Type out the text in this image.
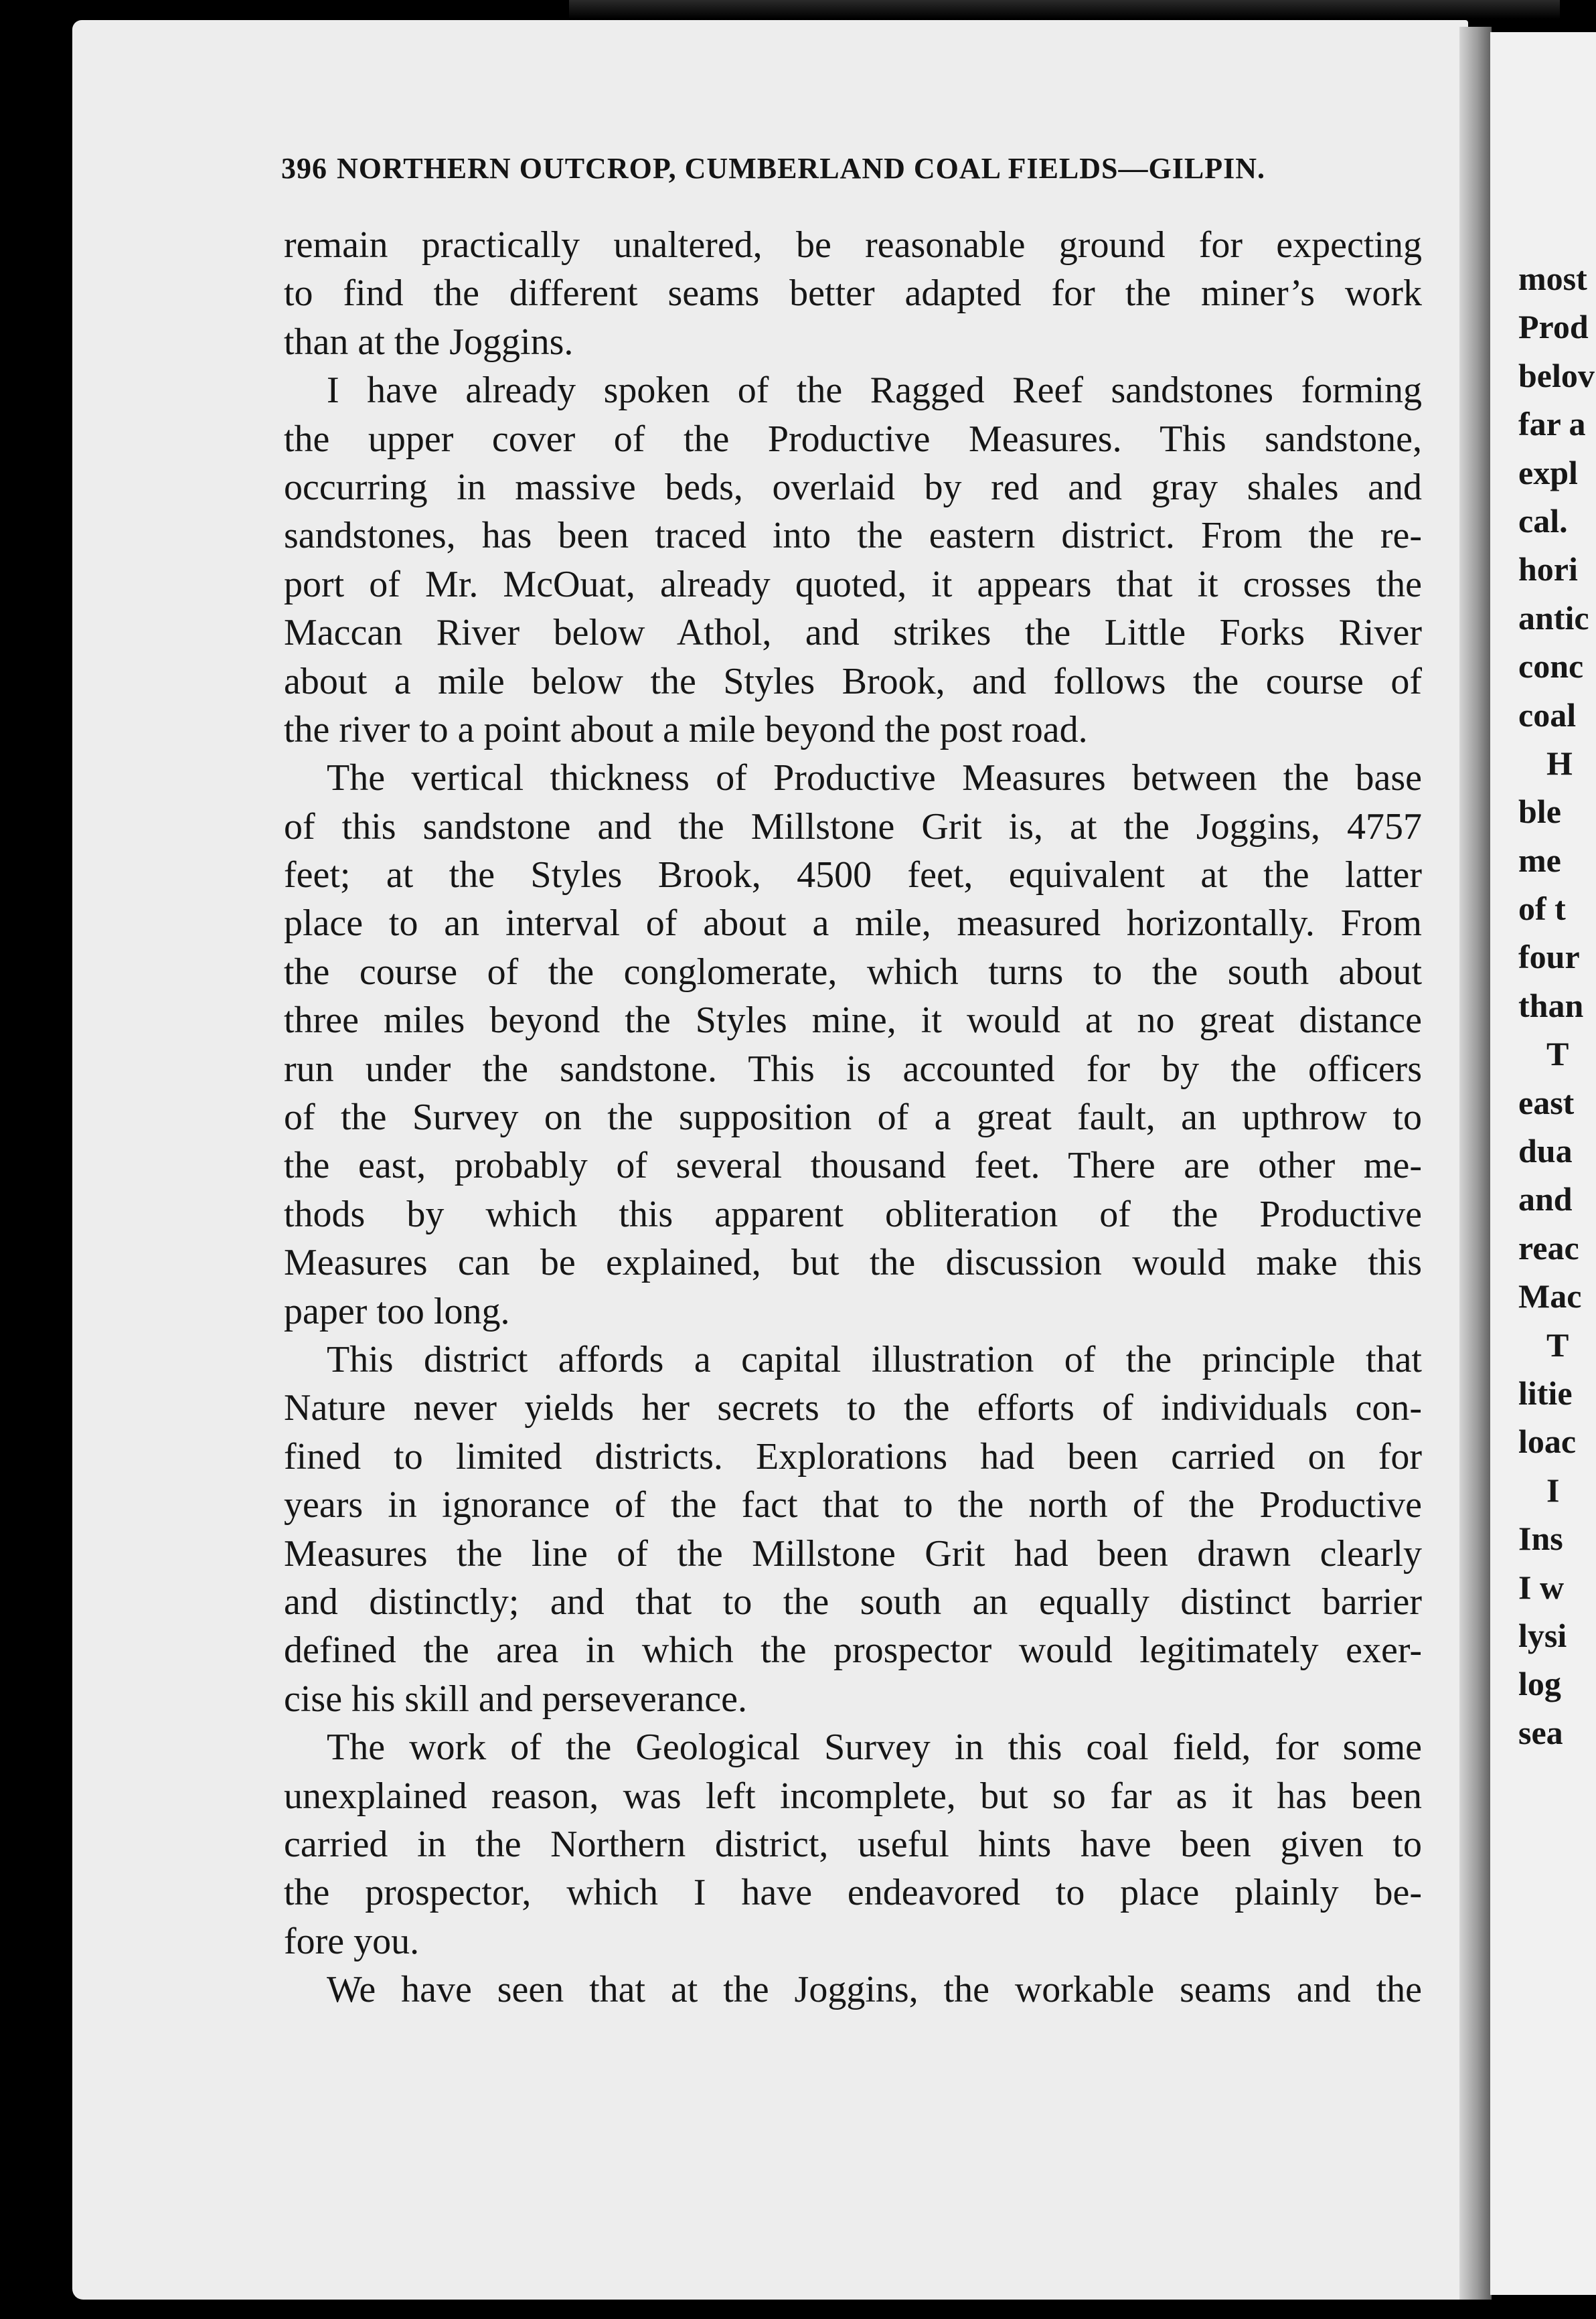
396 NORTHERN OUTCROP, CUMBERLAND COAL FIELDS—GILPIN.
remain practically unaltered, be reasonable ground for expecting
to find the different seams better adapted for the miner’s work
than at the Joggins.
I have already spoken of the Ragged Reef sandstones forming
the upper cover of the Productive Measures. This sandstone,
occurring in massive beds, overlaid by red and gray shales and
sandstones, has been traced into the eastern district. From the re-
port of Mr. McOuat, already quoted, it appears that it crosses the
Maccan River below Athol, and strikes the Little Forks River
about a mile below the Styles Brook, and follows the course of
the river to a point about a mile beyond the post road.
The vertical thickness of Productive Measures between the base
of this sandstone and the Millstone Grit is, at the Joggins, 4757
feet; at the Styles Brook, 4500 feet, equivalent at the latter
place to an interval of about a mile, measured horizontally. From
the course of the conglomerate, which turns to the south about
three miles beyond the Styles mine, it would at no great distance
run under the sandstone. This is accounted for by the officers
of the Survey on the supposition of a great fault, an upthrow to
the east, probably of several thousand feet. There are other me-
thods by which this apparent obliteration of the Productive
Measures can be explained, but the discussion would make this
paper too long.
This district affords a capital illustration of the principle that
Nature never yields her secrets to the efforts of individuals con-
fined to limited districts. Explorations had been carried on for
years in ignorance of the fact that to the north of the Productive
Measures the line of the Millstone Grit had been drawn clearly
and distinctly; and that to the south an equally distinct barrier
defined the area in which the prospector would legitimately exer-
cise his skill and perseverance.
The work of the Geological Survey in this coal field, for some
unexplained reason, was left incomplete, but so far as it has been
carried in the Northern district, useful hints have been given to
the prospector, which I have endeavored to place plainly be-
fore you.
We have seen that at the Joggins, the workable seams and the
most
Prod
belov
far a
expl
cal.
hori
antic
conc
coal
H
ble
me
of t
four
than
T
east
dua
and
reac
Mac
T
litie
loac
I
Ins
I w
lysi
log
sea
